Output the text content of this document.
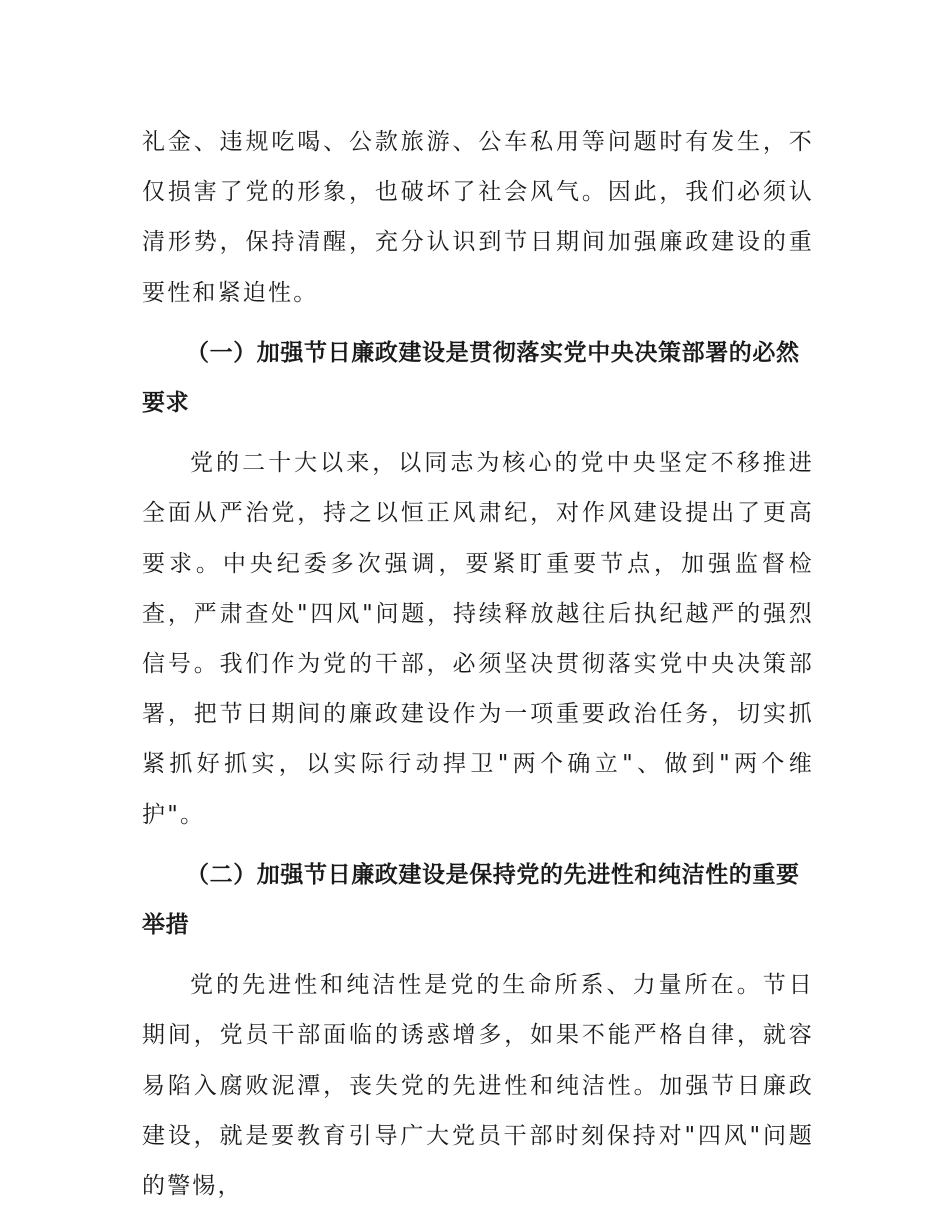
礼金、违规吃喝、公款旅游、公车私用等问题时有发生，不仅损害了党的形象，也破坏了社会风气。因此，我们必须认清形势，保持清醒，充分认识到节日期间加强廉政建设的重要性和紧迫性。

（一）加强节日廉政建设是贯彻落实党中央决策部署的必然要求

党的二十大以来，以同志为核心的党中央坚定不移推进全面从严治党，持之以恒正风肃纪，对作风建设提出了更高要求。中央纪委多次强调，要紧盯重要节点，加强监督检查，严肃查处"四风"问题，持续释放越往后执纪越严的强烈信号。我们作为党的干部，必须坚决贯彻落实党中央决策部署，把节日期间的廉政建设作为一项重要政治任务，切实抓紧抓好抓实，以实际行动捍卫"两个确立"、做到"两个维护"。

（二）加强节日廉政建设是保持党的先进性和纯洁性的重要举措

党的先进性和纯洁性是党的生命所系、力量所在。节日期间，党员干部面临的诱惑增多，如果不能严格自律，就容易陷入腐败泥潭，丧失党的先进性和纯洁性。加强节日廉政建设，就是要教育引导广大党员干部时刻保持对"四风"问题的警惕，
